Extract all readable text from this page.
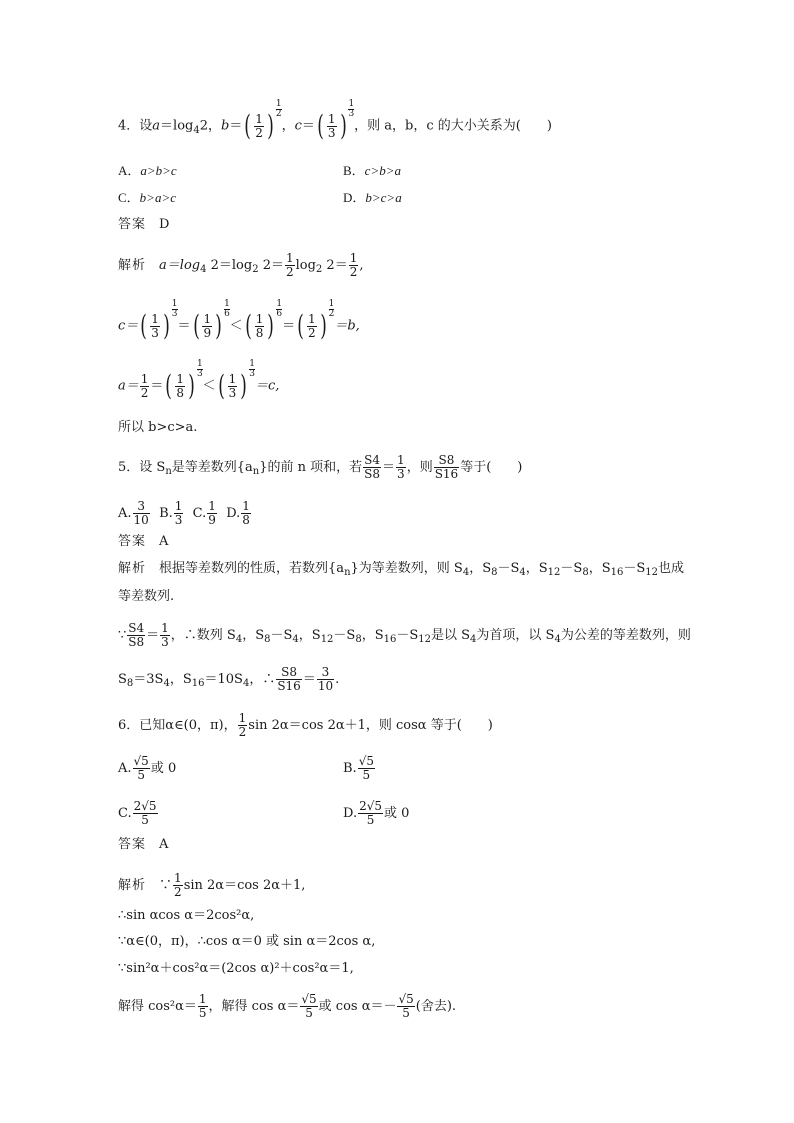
4．设$a=\log_42$，$b=( \frac{1}{2}$ ) $\frac{1}{2}$
，$c=( \frac{1}{3}$ ) $\frac{1}{3}$
，则 a，b，c 的大小关系为(　　)
A．a>b>c	B．c>b>a
C．b>a>c	D．b>c>a
答案　 D
解析　 $a=\log_4$ $2=\log_2$ $2= \frac{1}{2} \log_2 2= \frac{1}{2}$ ,
$c=( \frac{1}{3}$ ) $\frac{1}{3}$
＝( $\frac{1}{9}$ ) $\frac{1}{6}$
＜( $\frac{1}{8}$ ) $\frac{1}{6}$
＝( $\frac{1}{2}$ ) $\frac{1}{2}$
＝b,
$a= \frac{1}{2}$ ＝( $\frac{1}{8}$ ) $\frac{1}{3}$
＜( $\frac{1}{3}$ ) $\frac{1}{3}$
＝c,
所以 b>c>a.
5．设 $S_n$是等差数列$\{a_n\}$的前 n 项和，若 $\frac{S4}{S8} = \frac{1}{3}$ ，则 $\frac{S8}{S16}$ 等于(　　)
A. $\frac{3}{10} B$. $\frac{1}{3} C$. $\frac{1}{9} D$. $\frac{1}{8}$
答案　 A
解析　 根据等差数列的性质，若数列$\{a_n\}$为等差数列，则 $S_4$，$S_8-S_4$，$S_{12}-S_8$，$S_{16}-S_{12}$也成
等差数列.
∵ $\frac{S4}{S8} = \frac{1}{3}$ ，∴数列 $S_4$，$S_8-S_4$，$S_{12}-S_8$，$S_{16}-S_{12}$是以 $S_4$为首项，以 $S_4$为公差的等差数列，则
$S_8=3S_4$，$S_{16}=10S_4$，∴ $\frac{S8}{S16} = \frac{3}{10}$ .
6．已知α∈(0，π)， $\frac{1}{2}$ sin 2α＝cos 2α＋1，则 cosα 等于(　　)
A. $\frac{√5}{5}$ 或 0	B. $\frac{√5}{5}$
C. $\frac{2√5}{5}$	D. $\frac{2√5}{5}$ 或 0
答案　 A
解析　 ∵ $\frac{1}{2}$ sin 2α＝cos 2α＋1,
∴sin αcos α＝2cos²α,
∵α∈(0，π)，∴cos α＝0 或 sin α＝2cos α,
∵sin²α＋cos²α＝(2cos α)²＋cos²α＝1,
解得 $\cos^2\alpha= \frac{1}{5}$ ，解得 $\cos \alpha= \frac{√5}{5}$ 或 $\cos \alpha=- \frac{√5}{5}$ (舍去).
